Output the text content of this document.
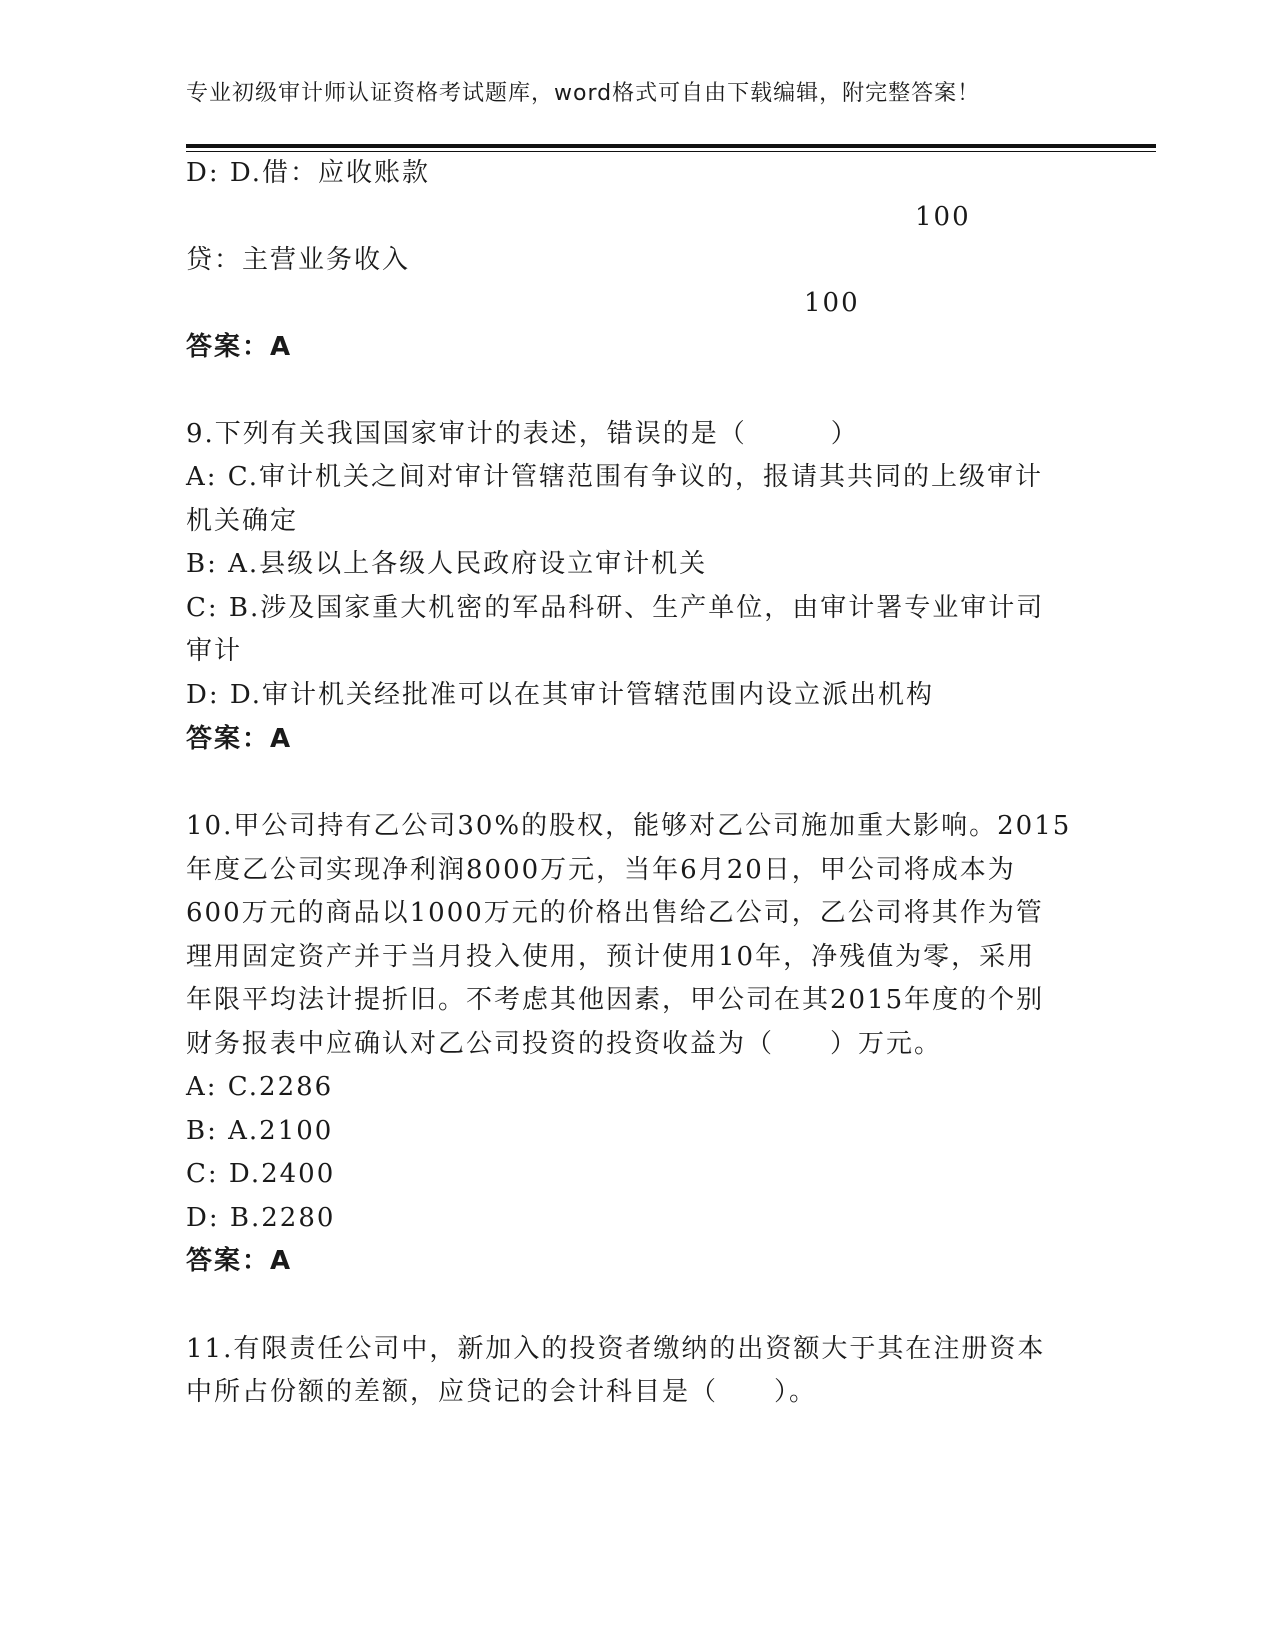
专业初级审计师认证资格考试题库，word格式可自由下载编辑，附完整答案！
D: D.借：应收账款
100
贷：主营业务收入
100
答案：A
9.下列有关我国国家审计的表述，错误的是（　　　）
A: C.审计机关之间对审计管辖范围有争议的，报请其共同的上级审计
机关确定
B: A.县级以上各级人民政府设立审计机关
C: B.涉及国家重大机密的军品科研、生产单位，由审计署专业审计司
审计
D: D.审计机关经批准可以在其审计管辖范围内设立派出机构
答案：A
10.甲公司持有乙公司30%的股权，能够对乙公司施加重大影响。2015
年度乙公司实现净利润8000万元，当年6月20日，甲公司将成本为
600万元的商品以1000万元的价格出售给乙公司，乙公司将其作为管
理用固定资产并于当月投入使用，预计使用10年，净残值为零，采用
年限平均法计提折旧。不考虑其他因素，甲公司在其2015年度的个别
财务报表中应确认对乙公司投资的投资收益为（　　）万元。
A: C.2286
B: A.2100
C: D.2400
D: B.2280
答案：A
11.有限责任公司中，新加入的投资者缴纳的出资额大于其在注册资本
中所占份额的差额，应贷记的会计科目是（　　）。
